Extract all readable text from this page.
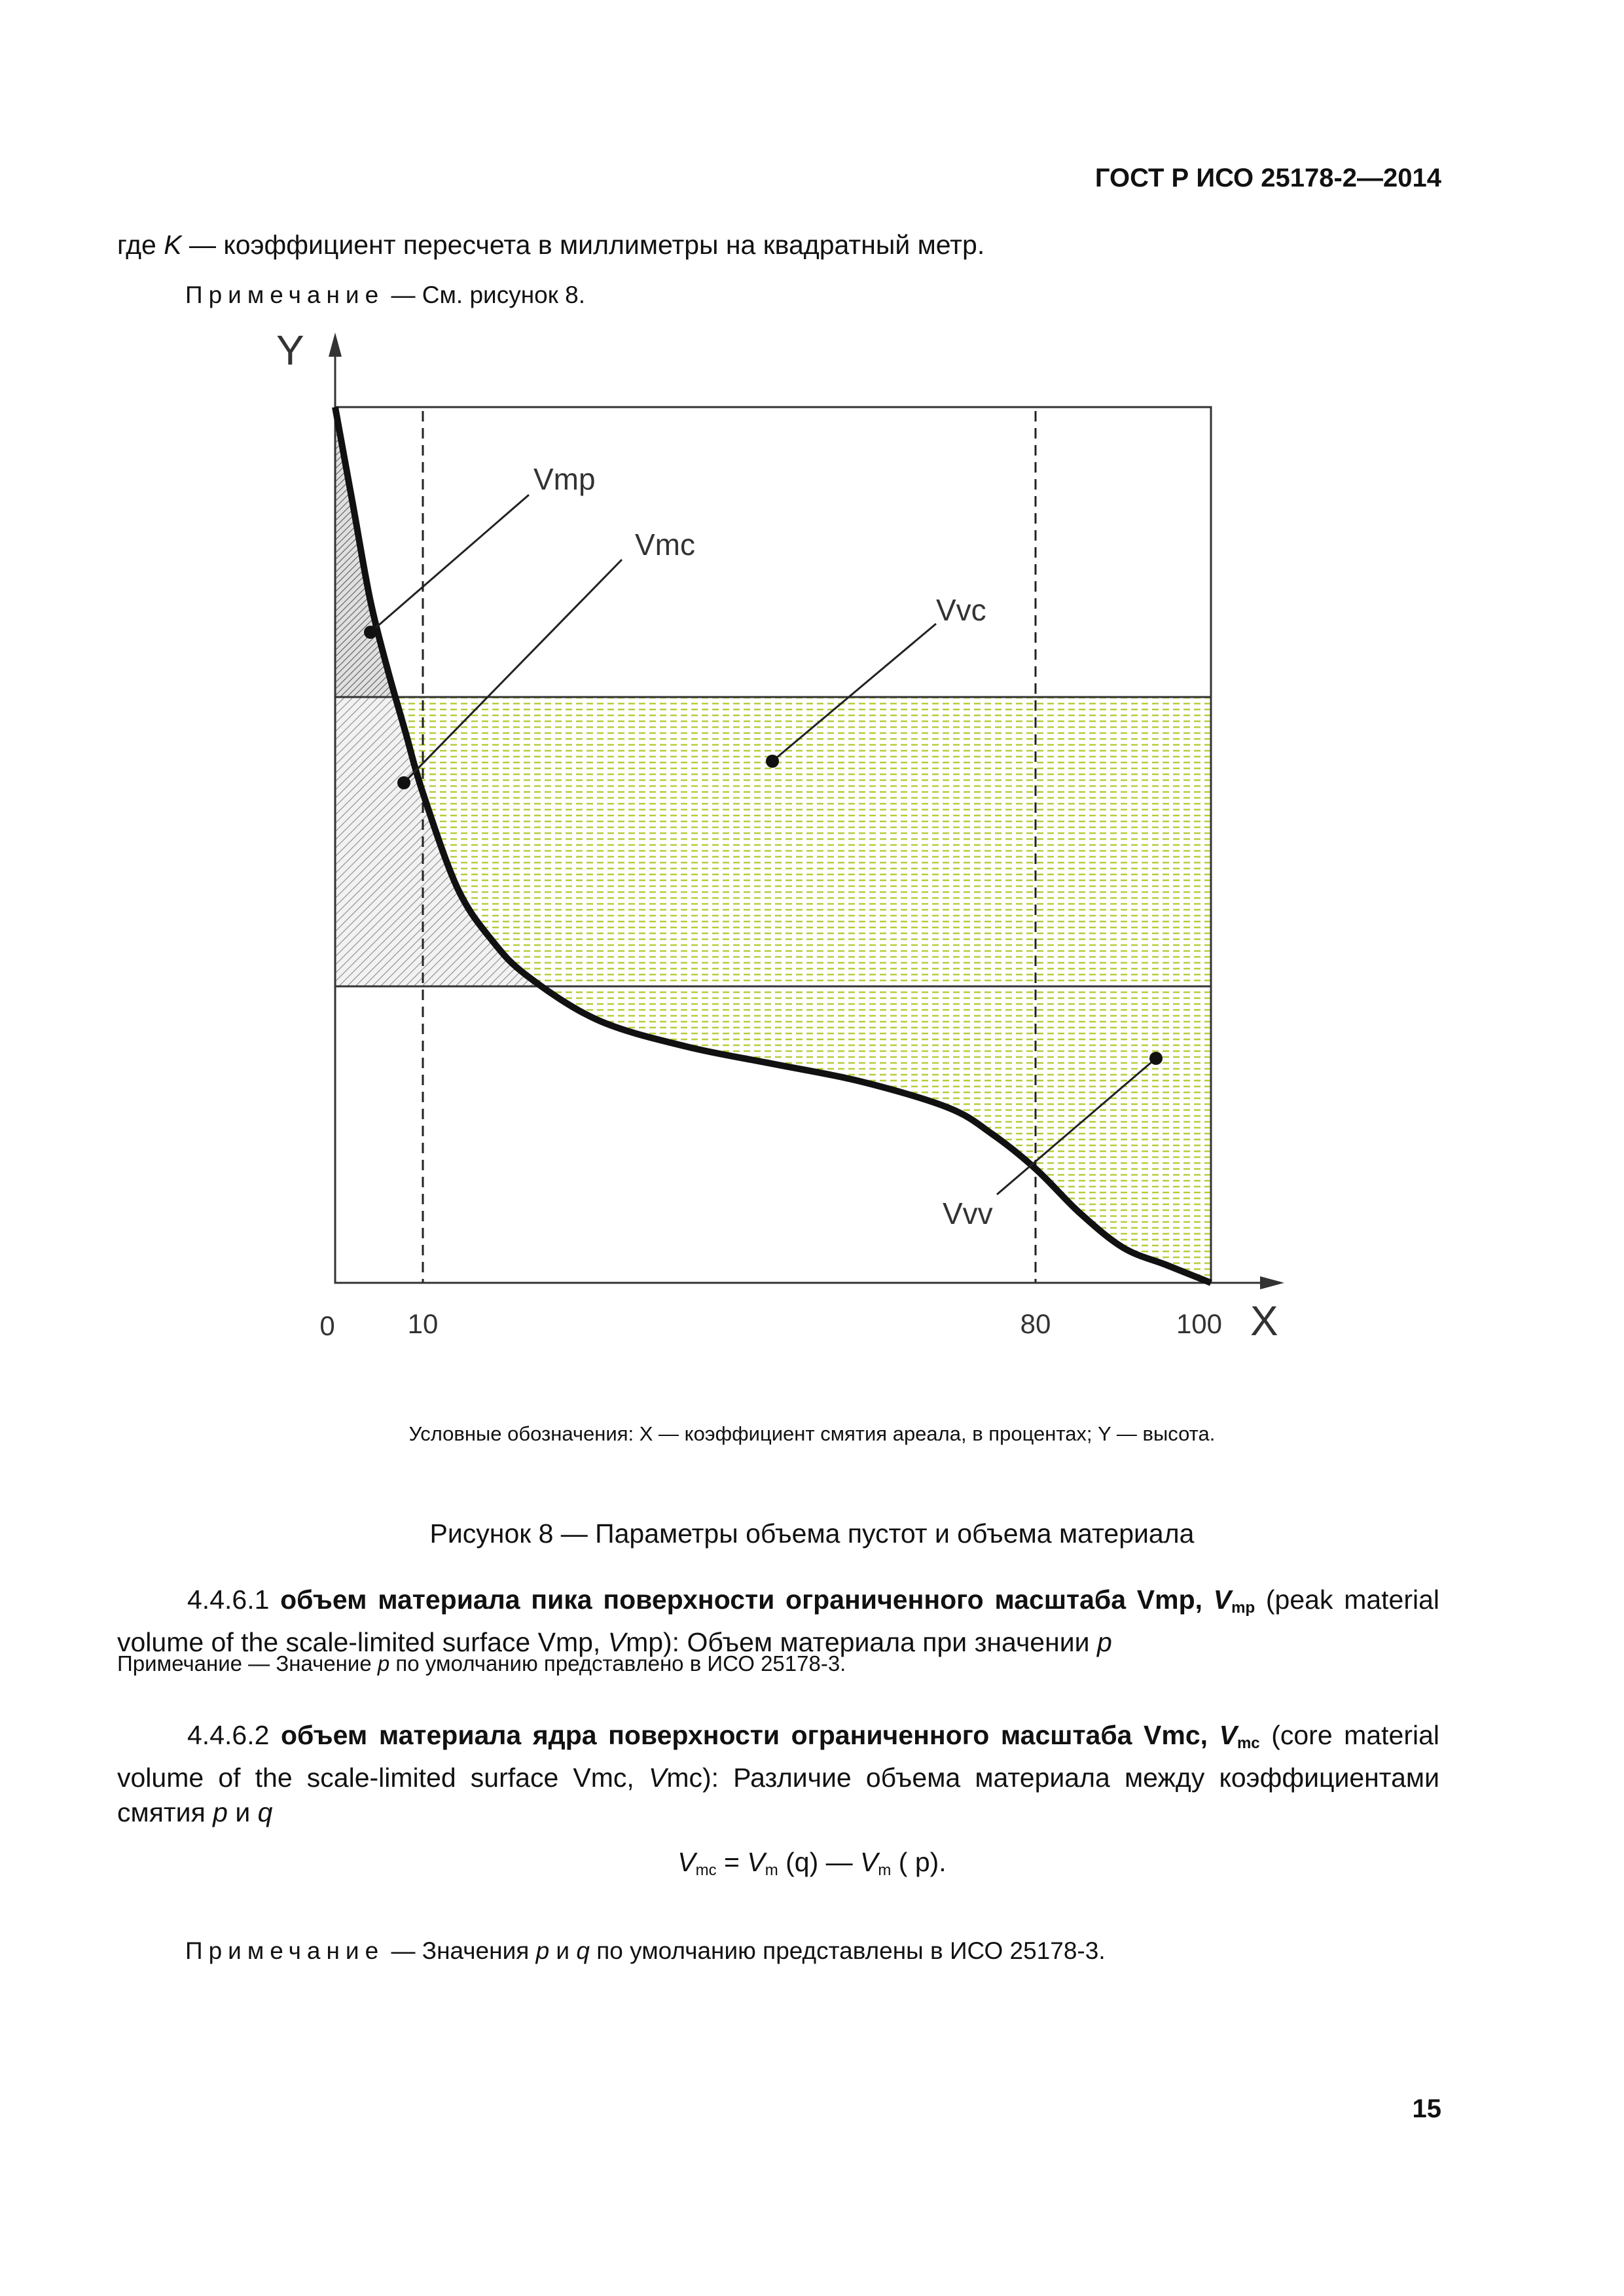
ГОСТ Р ИСО 25178-2—2014
где K — коэффициент пересчета в миллиметры на квадратный метр.
Примечание — См. рисунок 8.
Vmp
Vmc
Vvc
Vvv
Y
X
0	10	80	100
Условные обозначения: X — коэффициент смятия ареала, в процентах; Y — высота.
Рисунок 8 — Параметры объема пустот и объема материала
4.4.6.1 объем материала пика поверхности ограниченного масштаба Vmp, $V_{mp}$ (peak material volume of the scale-limited surface Vmp, Vmp): Объем материала при значении p
Примечание — Значение p по умолчанию представлено в ИСО 25178-3.
4.4.6.2 объем материала ядра поверхности ограниченного масштаба Vmc, $V_{mc}$ (core material volume of the scale-limited surface Vmc, Vmc): Различие объема материала между коэффициентами смятия p и q
$V_{mc} = V_m$ (q) — $V_m$ ( p).
Примечание — Значения p и q по умолчанию представлены в ИСО 25178-3.
15
